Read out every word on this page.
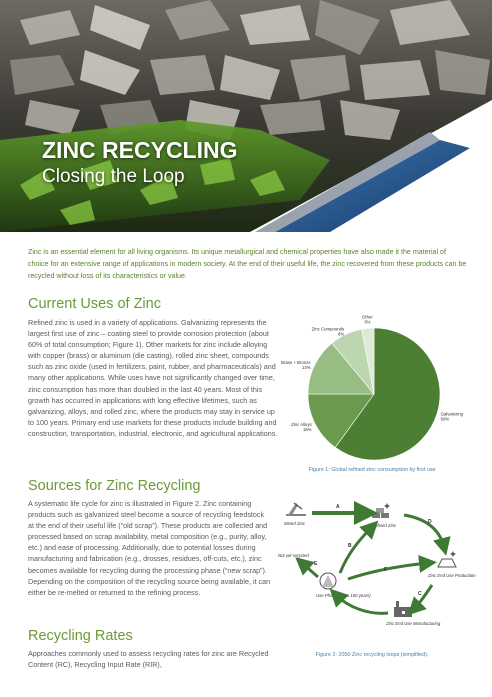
ZINC RECYCLING
Closing the Loop
Zinc is an essential element for all living organisms. Its unique metallurgical and chemical properties have also made it the material of choice for an extensive range of applications in modern society. At the end of their useful life, the zinc recovered from these products can be recycled without loss of its characteristics or value.
Current Uses of Zinc
Refined zinc is used in a variety of applications. Galvanizing represents the largest first use of zinc – coating steel to provide corrosion protection (about 60% of total consumption; Figure 1). Other markets for zinc include alloying with copper (brass) or aluminum (die casting), rolled zinc sheet, compounds such as zinc oxide (used in fertilizers, paint, rubber, and pharmaceuticals) and many other applications. While uses have not significantly changed over time, zinc consumption has more than doubled in the last 40 years. Most of this growth has occurred in applications with long effective lifetimes, such as galvanizing, alloys, and rolled zinc, where the products may stay in service up to 100 years. Primary end use markets for these products include building and construction, transportation, industrial, electronic, and agricultural applications.
Galvanizing
60%
Zinc Alloys
15%
Brass + Bronze
14%
Zinc Compounds
8%
Other
3%
Figure 1: Global refined zinc consumption by first use
Sources for Zinc Recycling
A systematic life cycle for zinc is illustrated in Figure 2. Zinc containing products such as galvanized steel become a source of recycling feedstock at the end of their useful life (“old scrap”). These products are collected and processed based on scrap availability, metal composition (e.g., purity, alloy, etc.) and ease of processing. Additionally, due to potential losses during manufacturing and fabrication (e.g., drosses, residues, off-cuts, etc.), zinc becomes available for recycling during the processing phase (“new scrap”). Depending on the composition of the recycling source being available, it can either be re-melted or returned to the refining process.
Mined Zinc	Refined Zinc
Zinc End Use Production
Zinc End Use Manufacturing
Use Phase (up to 100 years)
Not yet recycled
A
D
B
F
C
E
Figure 2: 2050 Zinc recycling loops (simplified).
Recycling Rates
Approaches commonly used to assess recycling rates for zinc are Recycled Content (RC), Recycling Input Rate (RIR),
